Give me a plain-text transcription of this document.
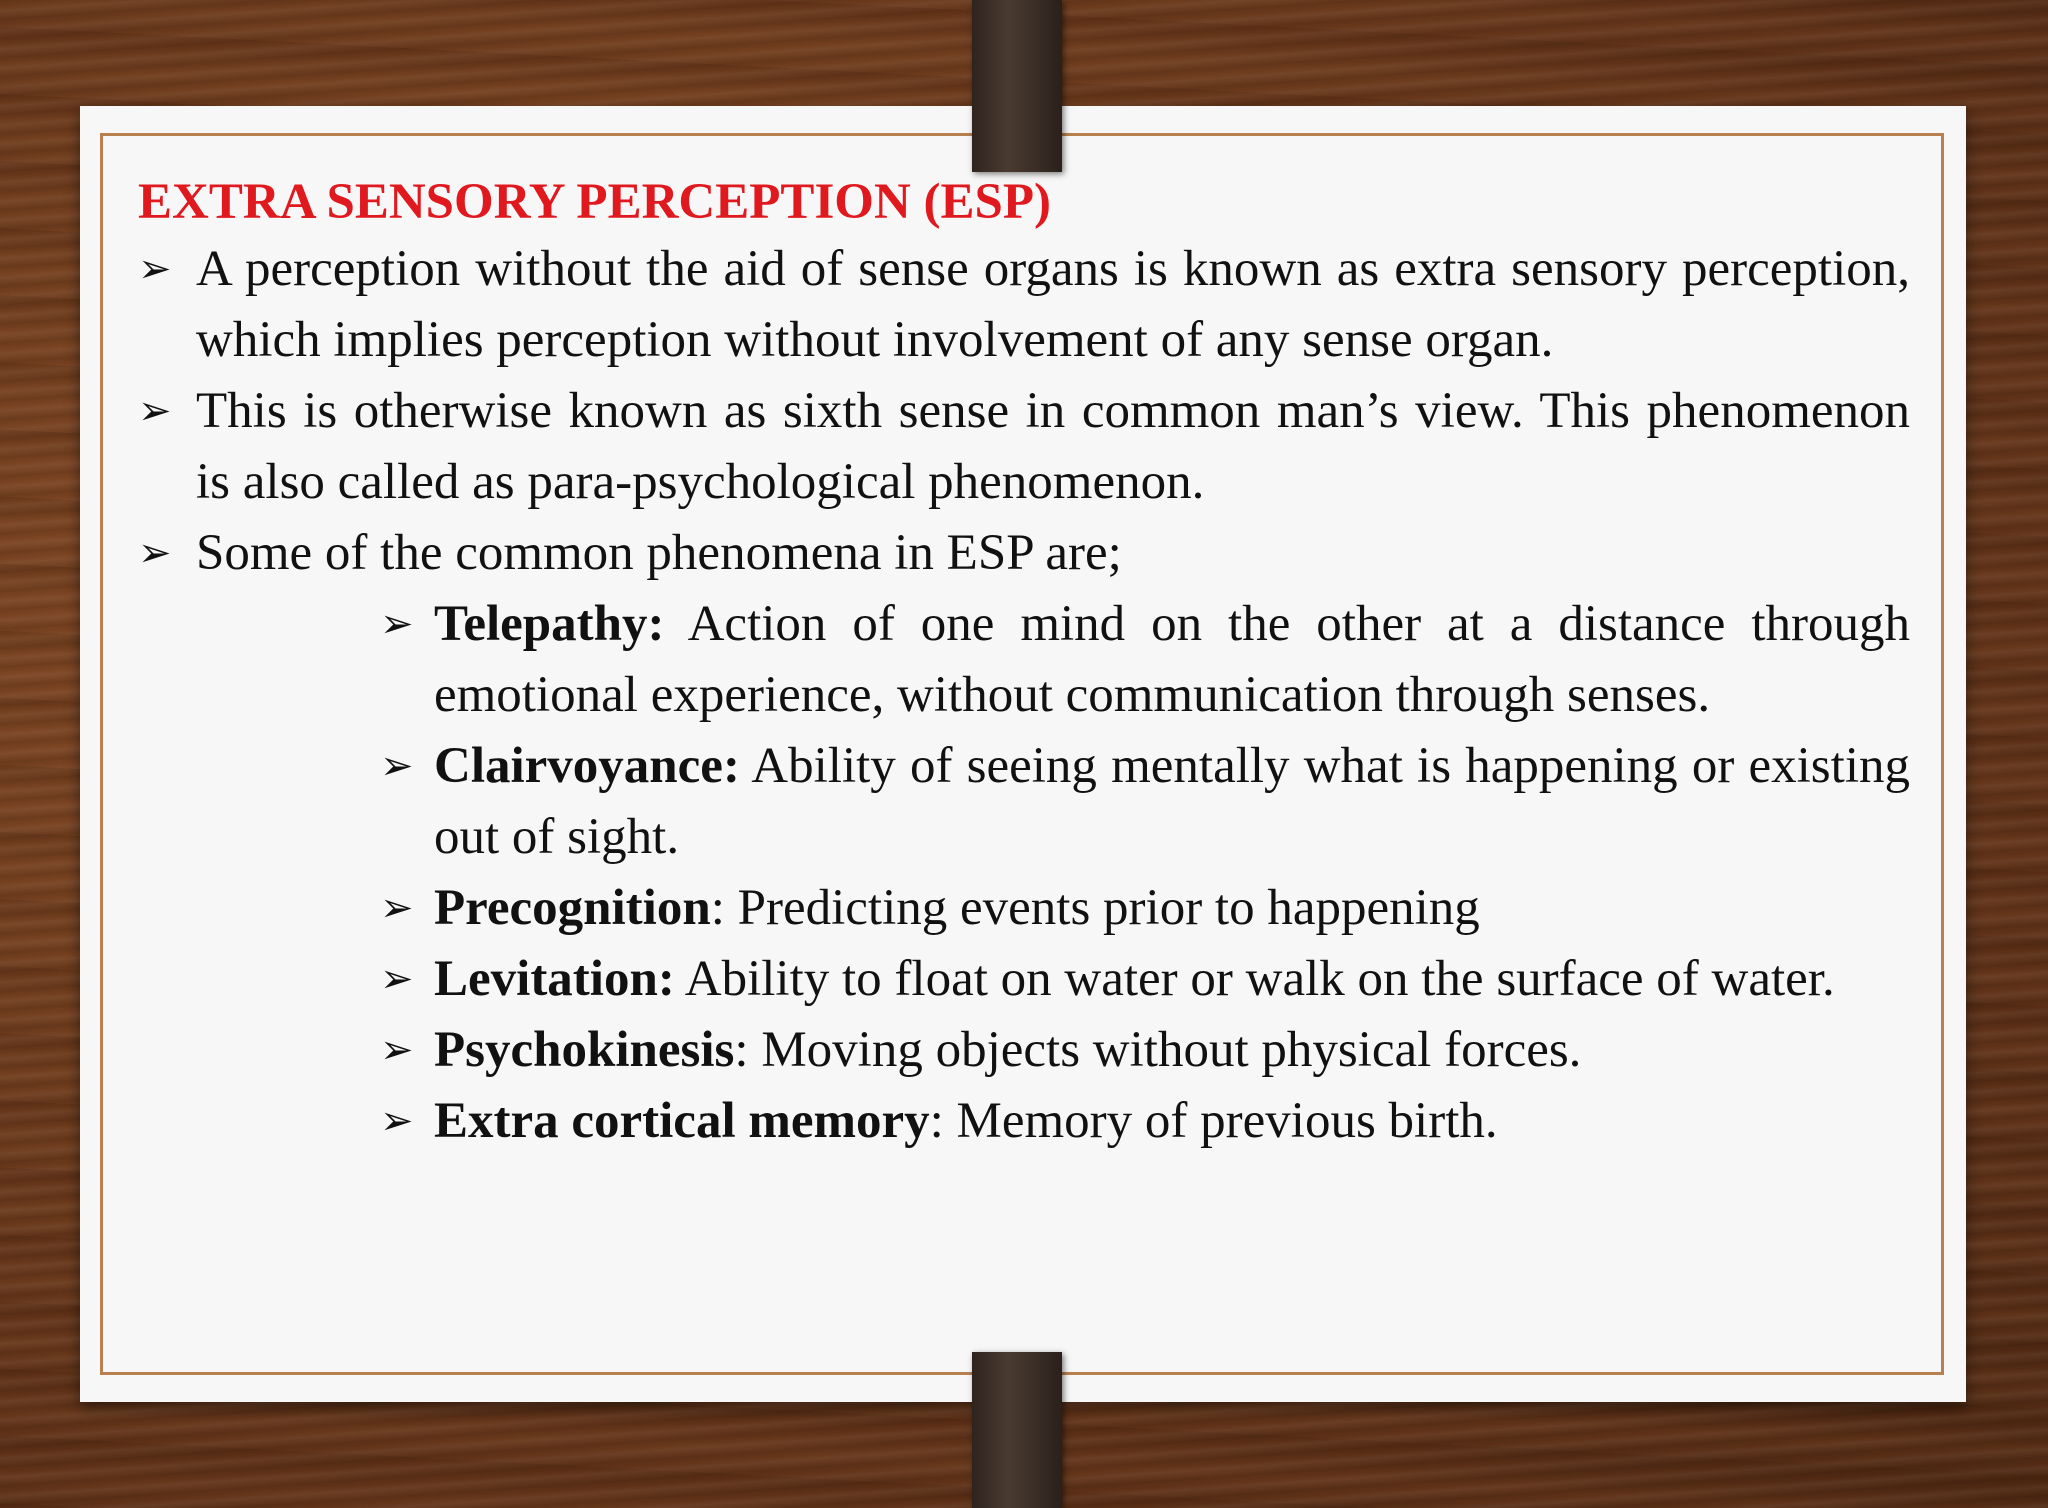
EXTRA SENSORY PERCEPTION (ESP)
➢ A perception without the aid of sense organs is known as extra sensory perception, which implies perception without involvement of any sense organ.
➢ This is otherwise known as sixth sense in common man’s view. This phenomenon is also called as para-psychological phenomenon.
➢ Some of the common phenomena in ESP are;
➢ Telepathy: Action of one mind on the other at a distance through emotional experience, without communication through senses.
➢ Clairvoyance: Ability of seeing mentally what is happening or existing out of sight.
➢ Precognition: Predicting events prior to happening
➢ Levitation: Ability to float on water or walk on the surface of water.
➢ Psychokinesis: Moving objects without physical forces.
➢ Extra cortical memory: Memory of previous birth.
